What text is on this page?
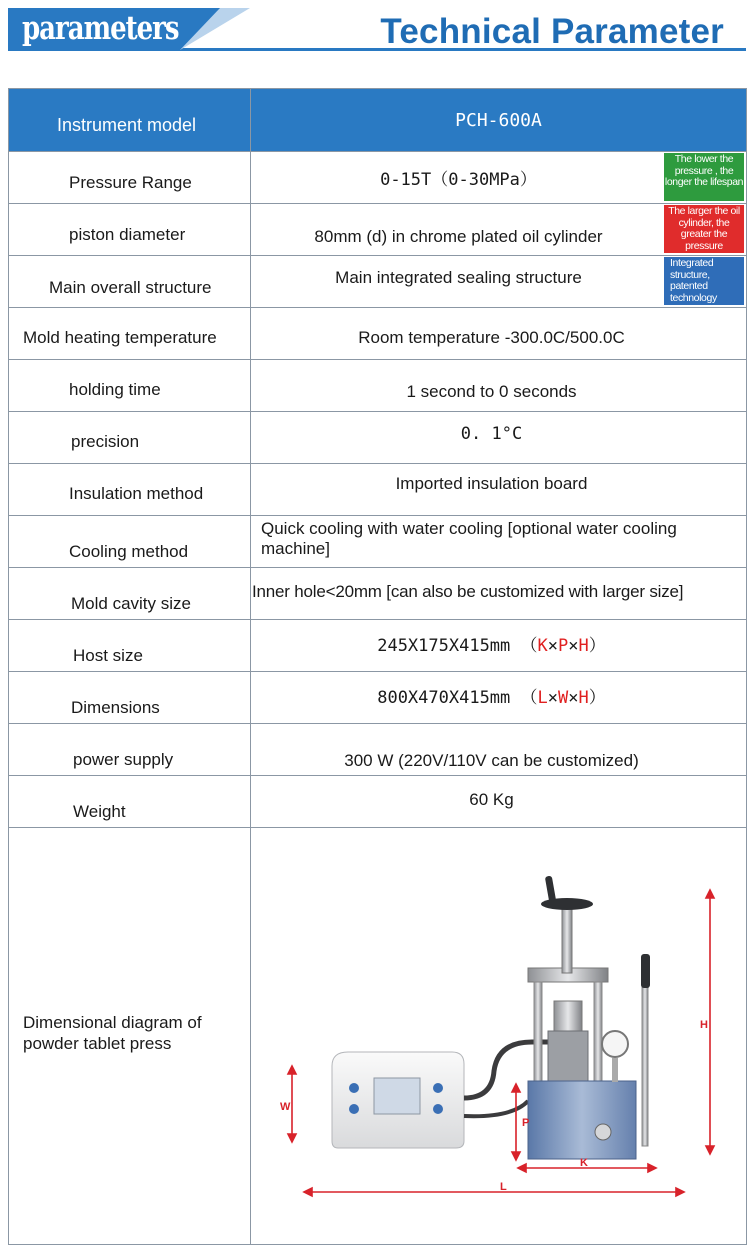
parameters	Technical Parameter
Instrument model	PCH-600A

Pressure Range	0-15T（0-30MPa）
The lower the pressure , the longer the lifespan

piston diameter	80mm (d) in chrome plated oil cylinder
The larger the oil cylinder, the greater the pressure

Main overall structure	Main integrated sealing structure
Integrated structure, patented technology

Mold heating temperature	Room temperature -300.0C/500.0C

holding time	1 second to 0 seconds

precision	0. 1°C

Insulation method	Imported insulation board

Cooling method	Quick cooling with water cooling [optional water cooling machine]

Mold cavity size	Inner hole<20mm [can also be customized with larger size]

Host size	245X175X415mm （K×P×H）

Dimensions	800X470X415mm （L×W×H）

power supply	300 W (220V/110V can be customized)

Weight	60 Kg

Dimensional diagram of powder tablet press	

W
P
K
L
H
